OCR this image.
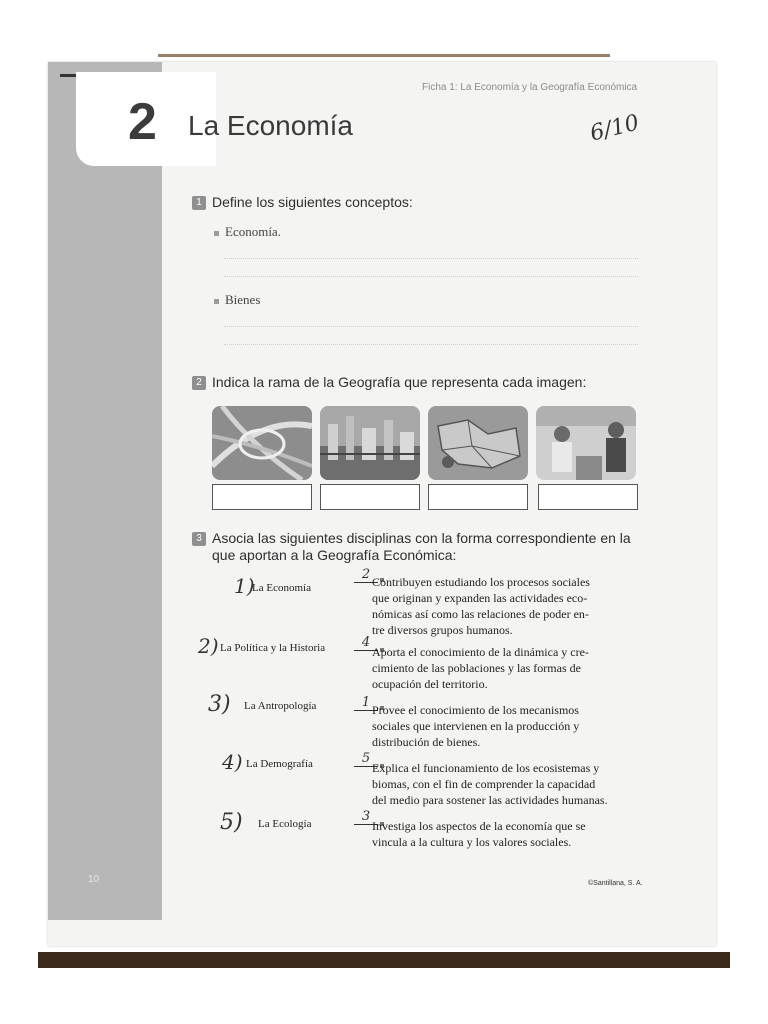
2
Ficha 1: La Economía y la Geografía Económica
La Economía	6/10
1 Define los siguientes conceptos:
Economía.
Bienes
2 Indica la rama de la Geografía que representa cada imagen:
3 Asocia las siguientes disciplinas con la forma correspondiente en la
que aportan a la Geografía Económica:
1)
La Economía
2) La Política y la Historia
3) La Antropología
4) La Demografía
5) La Ecología
2 Contribuyen estudiando los procesos sociales
que originan y expanden las actividades eco-
nómicas así como las relaciones de poder en-
tre diversos grupos humanos.
4
Aporta el conocimiento de la dinámica y cre-
cimiento de las poblaciones y las formas de
ocupación del territorio.
1 Provee el conocimiento de los mecanismos
sociales que intervienen en la producción y
distribución de bienes.
5
Explica el funcionamiento de los ecosistemas y
biomas, con el fin de comprender la capacidad
del medio para sostener las actividades humanas.
3
Investiga los aspectos de la economía que se
vincula a la cultura y los valores sociales.
10	©Santillana, S. A.
